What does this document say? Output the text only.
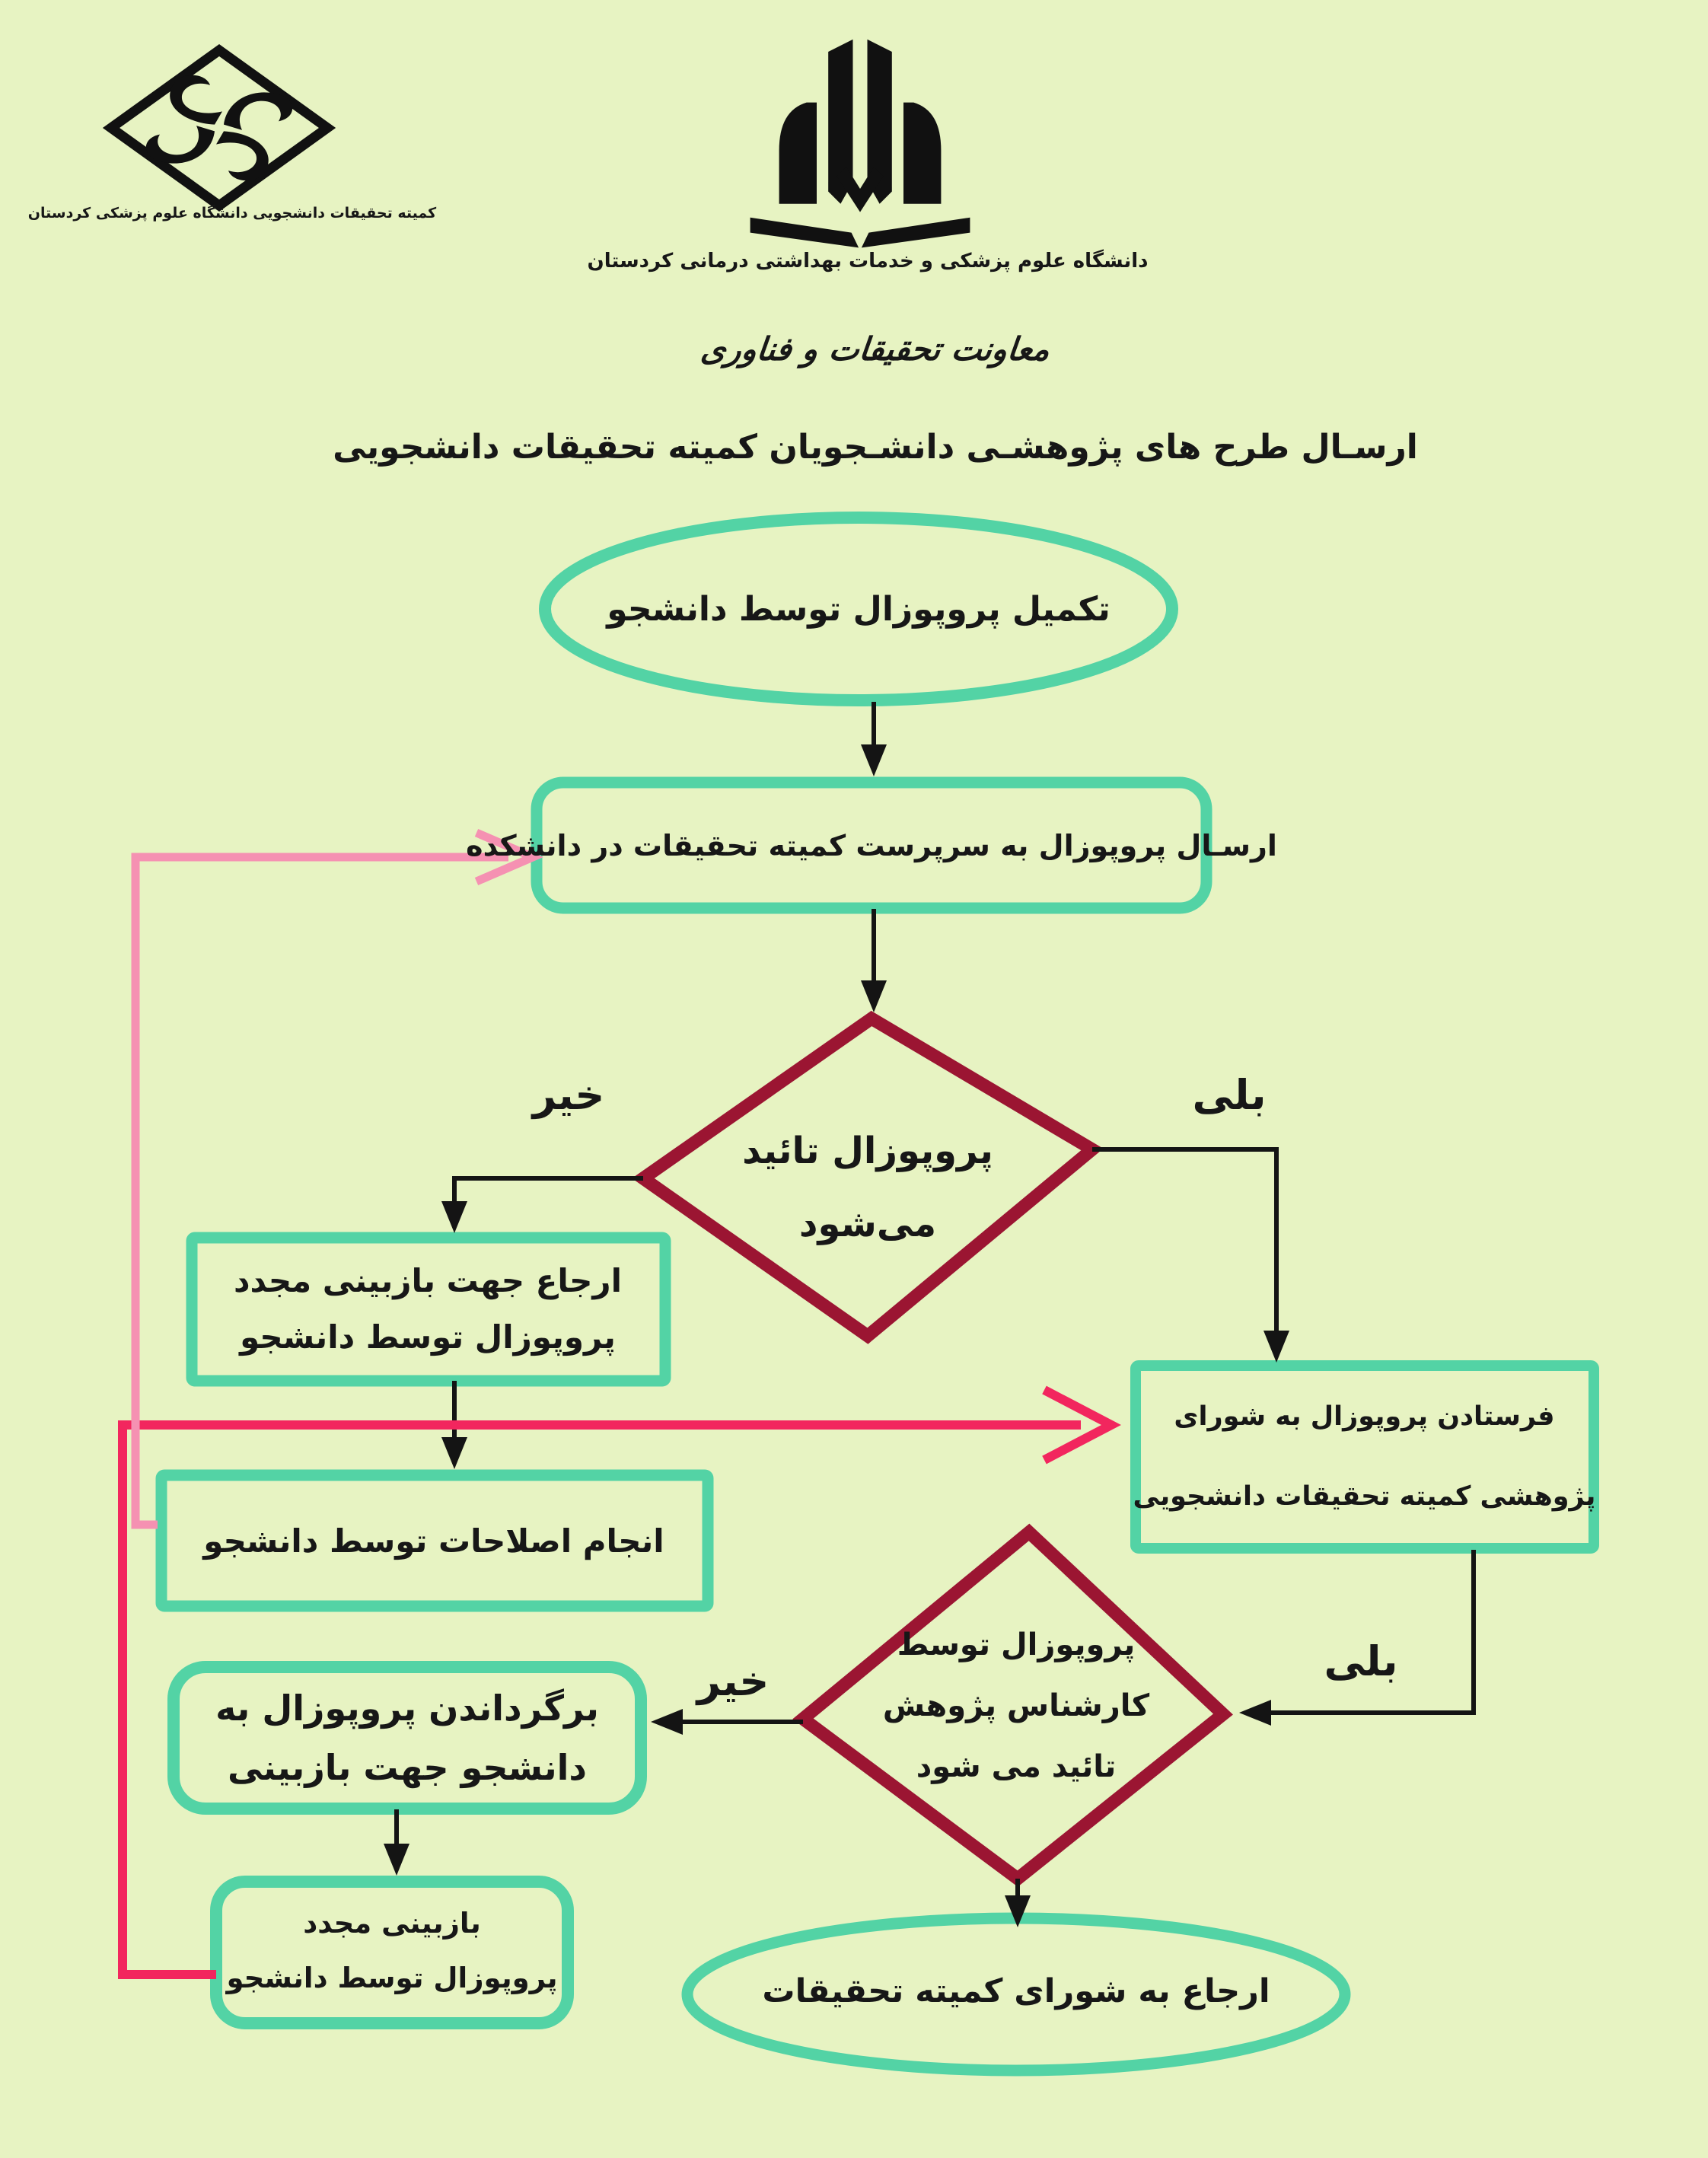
کمیته تحقیقات دانشجویی دانشگاه علوم پزشکی کردستان
دانشگاه علوم پزشکی و خدمات بهداشتی درمانی کردستان
معاونت تحقیقات و فناوری
ارسـال طرح های پژوهشـی دانشـجویان کمیته تحقیقات دانشجویی
تکمیل پروپوزال توسط دانشجو
ارسـال پروپوزال به سرپرست کمیته تحقیقات در دانشکده
پروپوزال تائید
می‌شود
بلی
خیر
ارجاع جهت بازبینی مجدد
پروپوزال توسط دانشجو
انجام اصلاحات توسط دانشجو
فرستادن پروپوزال به شورای
پژوهشی کمیته تحقیقات دانشجویی
پروپوزال توسط
کارشناس پژوهش
تائید می شود
بلی
خیر
برگرداندن پروپوزال به
دانشجو جهت بازبینی
بازبینی مجدد
پروپوزال توسط دانشجو	ارجاع به شورای کمیته تحقیقات
